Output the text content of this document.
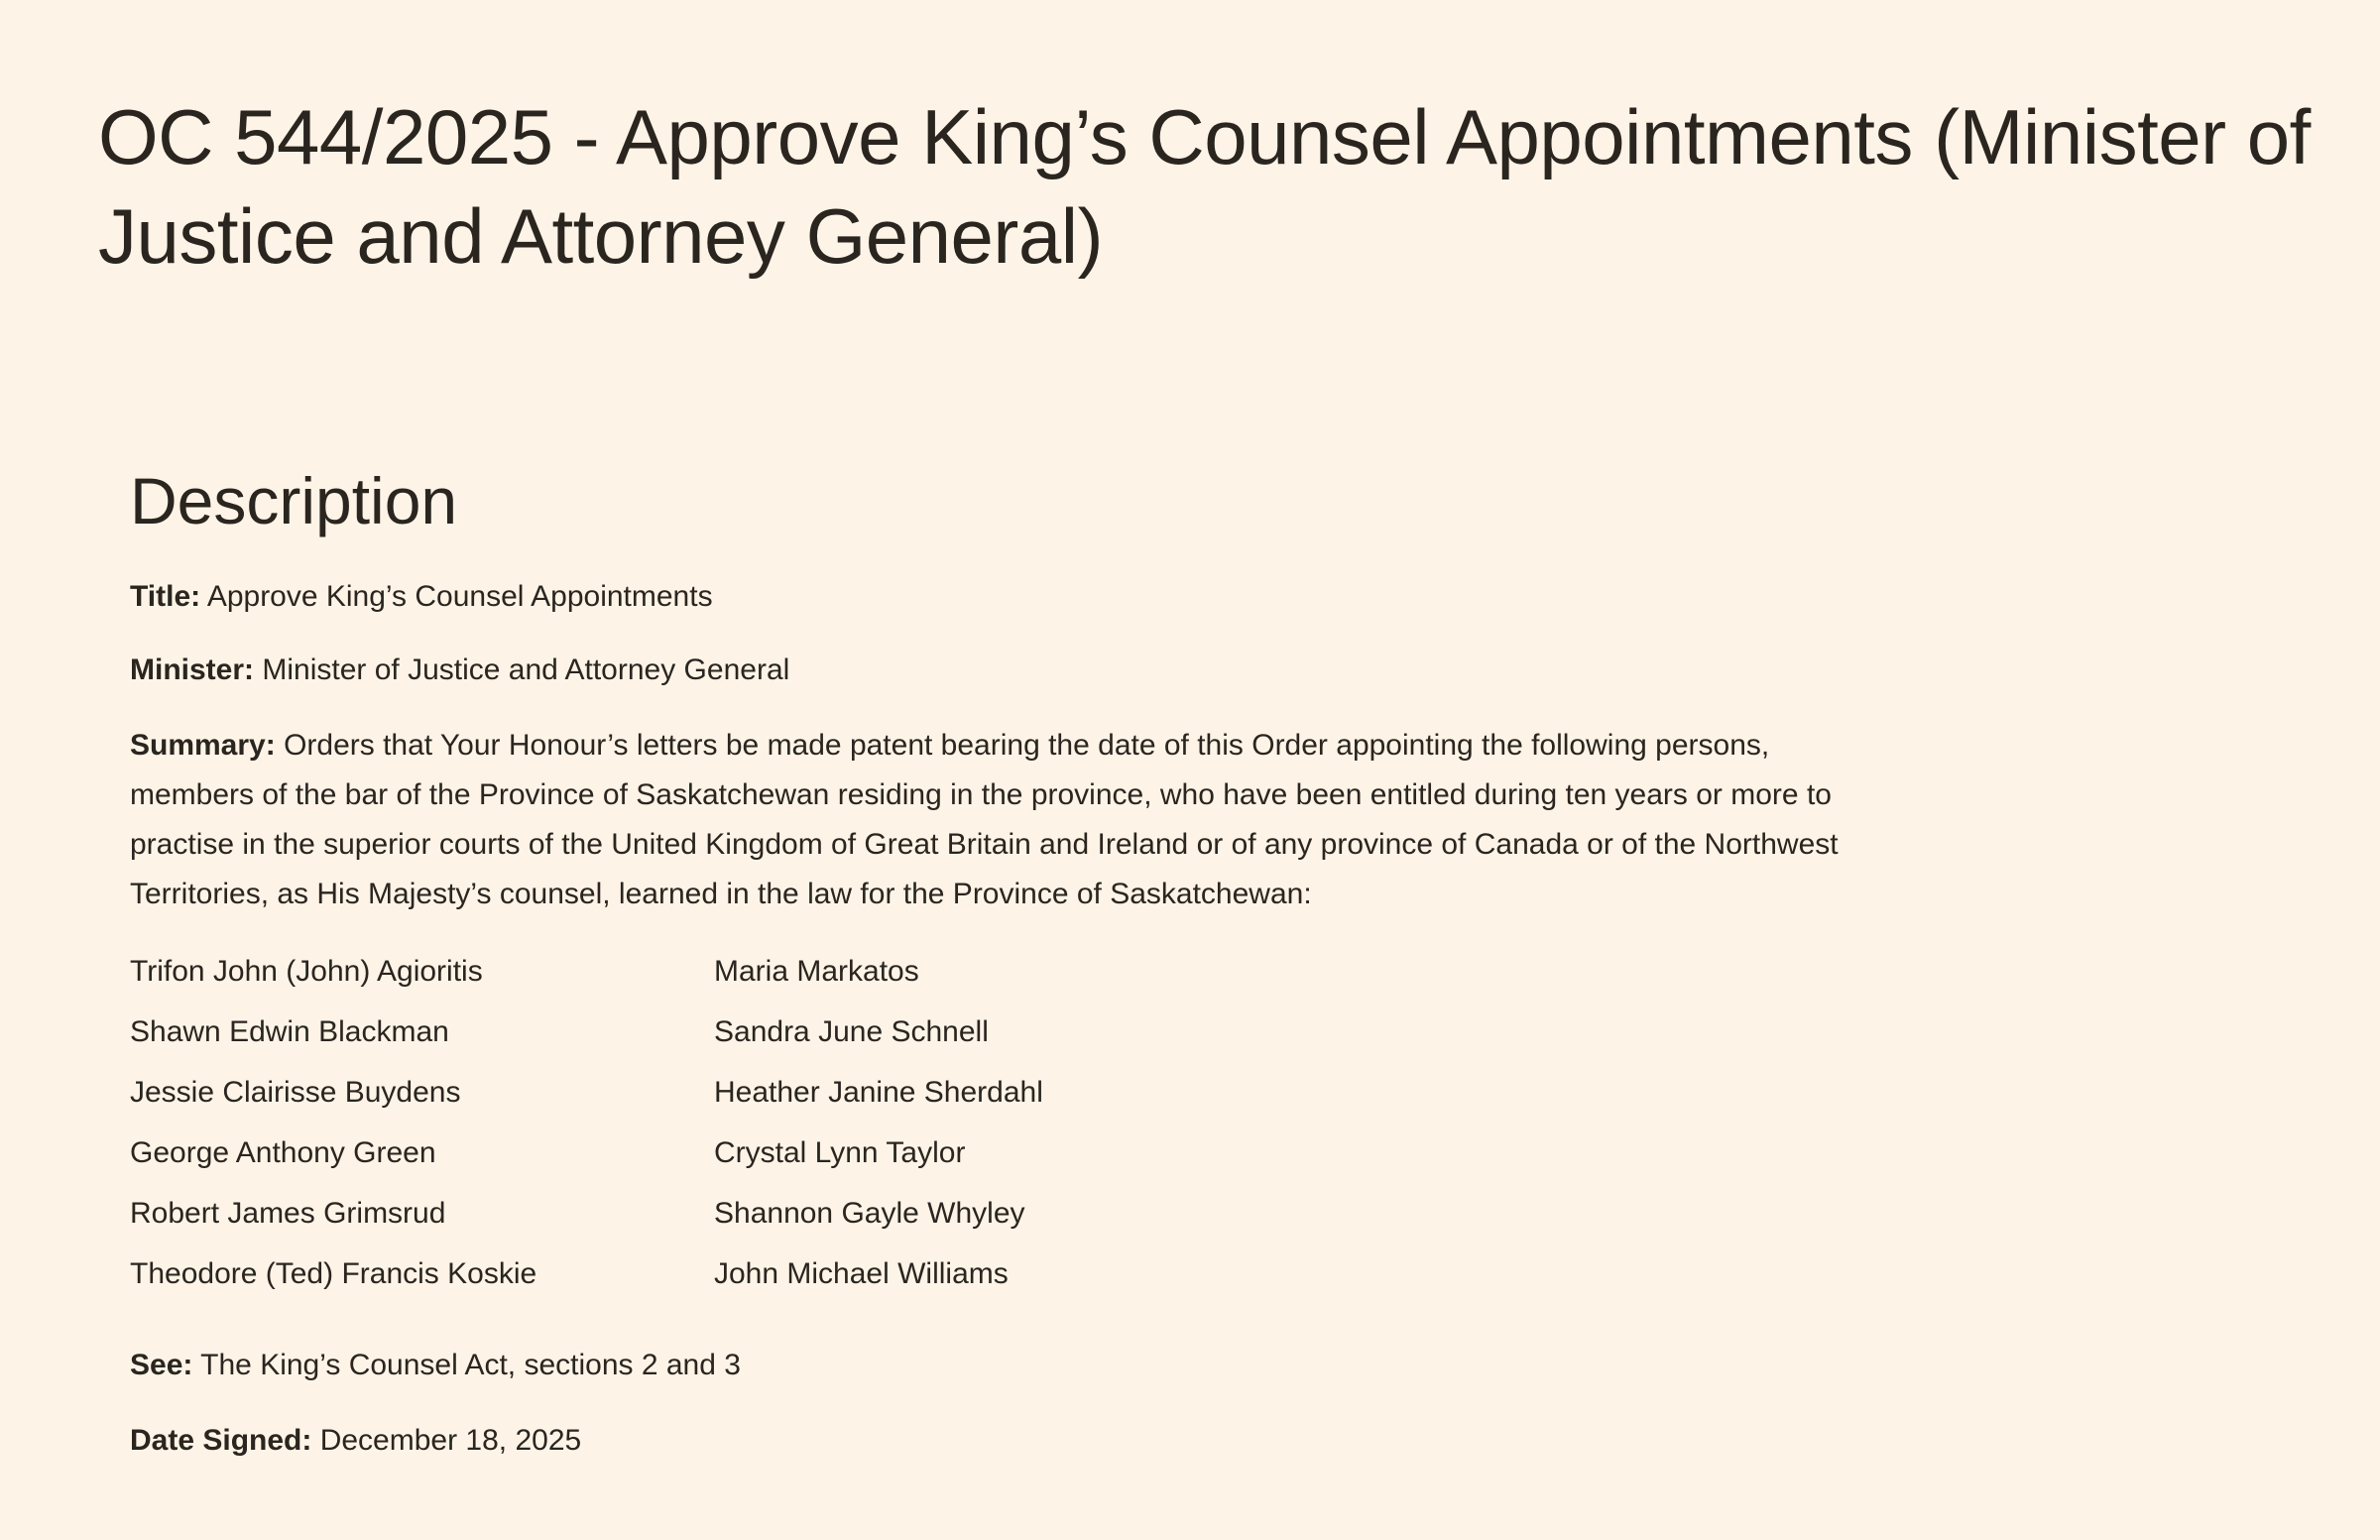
OC 544/2025 - Approve King’s Counsel Appointments (Minister of Justice and Attorney General)
Description

Title: Approve King’s Counsel Appointments

Minister: Minister of Justice and Attorney General

Summary: Orders that Your Honour’s letters be made patent bearing the date of this Order appointing the following persons, members of the bar of the Province of Saskatchewan residing in the province, who have been entitled during ten years or more to practise in the superior courts of the United Kingdom of Great Britain and Ireland or of any province of Canada or of the Northwest Territories, as His Majesty’s counsel, learned in the law for the Province of Saskatchewan:

Trifon John (John) Agioritis	Maria Markatos
Shawn Edwin Blackman	Sandra June Schnell
Jessie Clairisse Buydens	Heather Janine Sherdahl
George Anthony Green	Crystal Lynn Taylor
Robert James Grimsrud	Shannon Gayle Whyley
Theodore (Ted) Francis Koskie	John Michael Williams

See: The King’s Counsel Act, sections 2 and 3

Date Signed: December 18, 2025
